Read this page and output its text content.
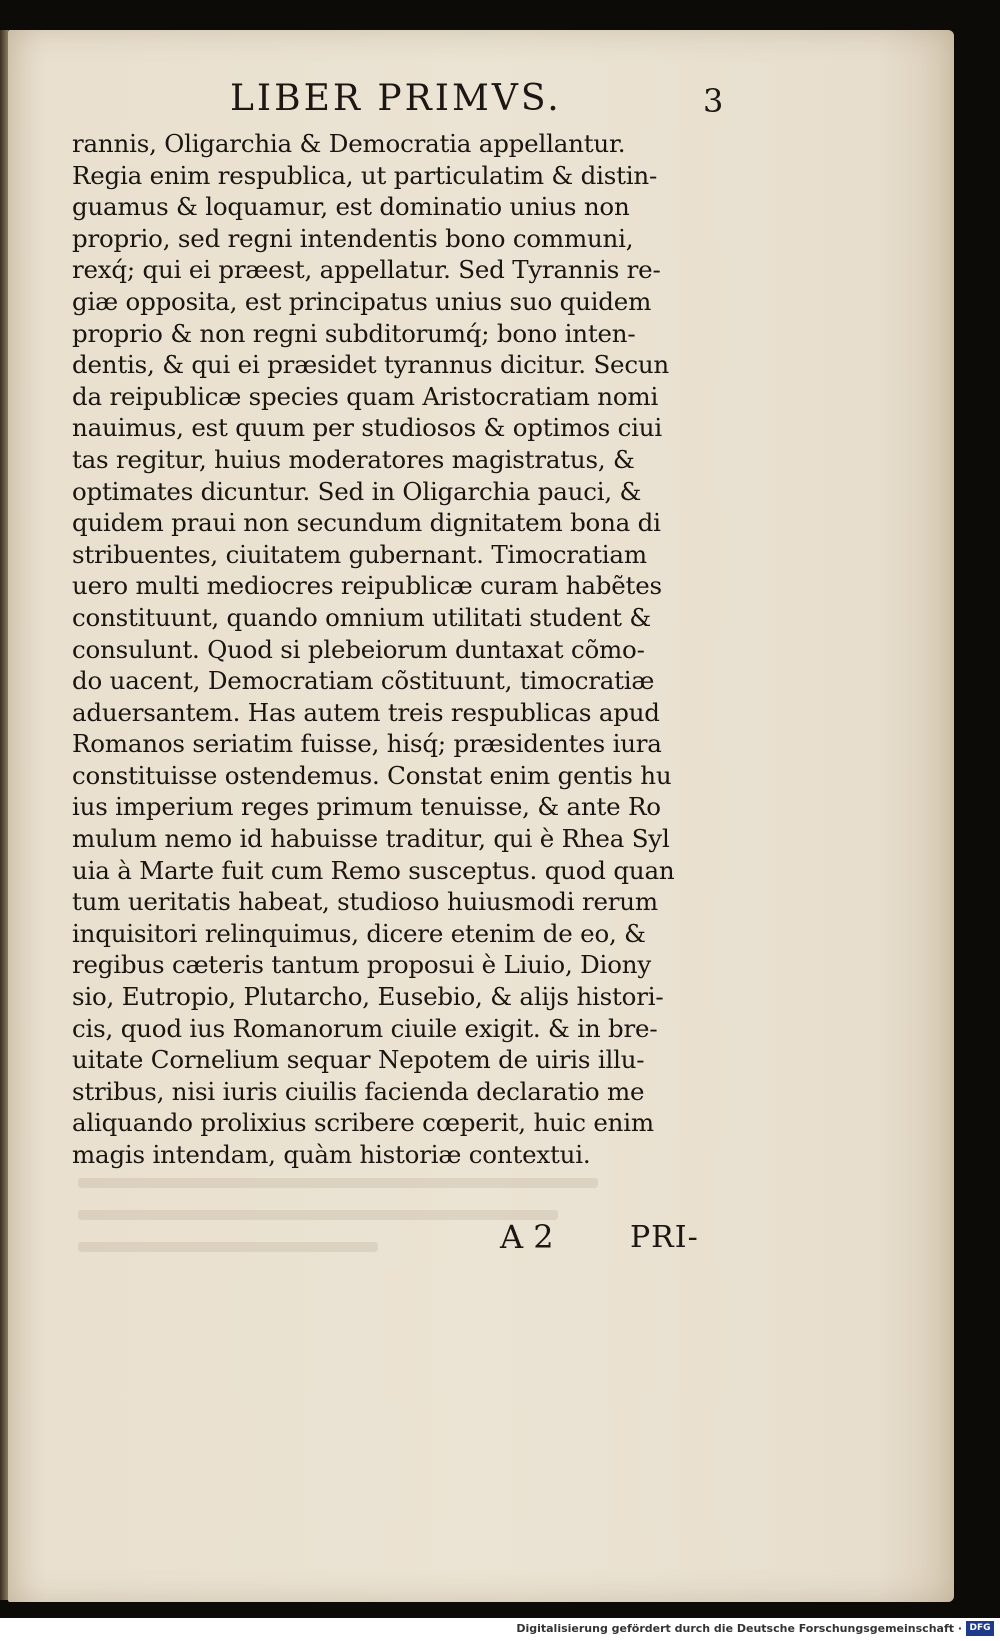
LIBER PRIMVS.	3
rannis, Oligarchia & Democratia appellantur.
Regia enim respublica, ut particulatim & distin-
guamus & loquamur, est dominatio unius non
proprio, sed regni intendentis bono communi,
rexq́; qui ei præest, appellatur. Sed Tyrannis re-
giæ opposita, est principatus unius suo quidem
proprio & non regni subditorumq́; bono inten-
dentis, & qui ei præsidet tyrannus dicitur. Secun
da reipublicæ species quam Aristocratiam nomi
nauimus, est quum per studiosos & optimos ciui
tas regitur, huius moderatores magistratus, &
optimates dicuntur. Sed in Oligarchia pauci, &
quidem praui non secundum dignitatem bona di
stribuentes, ciuitatem gubernant. Timocratiam
uero multi mediocres reipublicæ curam habẽtes
constituunt, quando omnium utilitati student &
consulunt. Quod si plebeiorum duntaxat cõmo-
do uacent, Democratiam cõstituunt, timocratiæ
aduersantem. Has autem treis respublicas apud
Romanos seriatim fuisse, hisq́; præsidentes iura
constituisse ostendemus. Constat enim gentis hu
ius imperium reges primum tenuisse, & ante Ro
mulum nemo id habuisse traditur, qui è Rhea Syl
uia à Marte fuit cum Remo susceptus. quod quan
tum ueritatis habeat, studioso huiusmodi rerum
inquisitori relinquimus, dicere etenim de eo, &
regibus cæteris tantum proposui è Liuio, Diony
sio, Eutropio, Plutarcho, Eusebio, & alijs histori-
cis, quod ius Romanorum ciuile exigit. & in bre-
uitate Cornelium sequar Nepotem de uiris illu-
stribus, nisi iuris ciuilis facienda declaratio me
aliquando prolixius scribere cœperit, huic enim
magis intendam, quàm historiæ contextui.
A 2	PRI-
Digitalisierung gefördert durch die Deutsche Forschungsgemeinschaft · DFG
